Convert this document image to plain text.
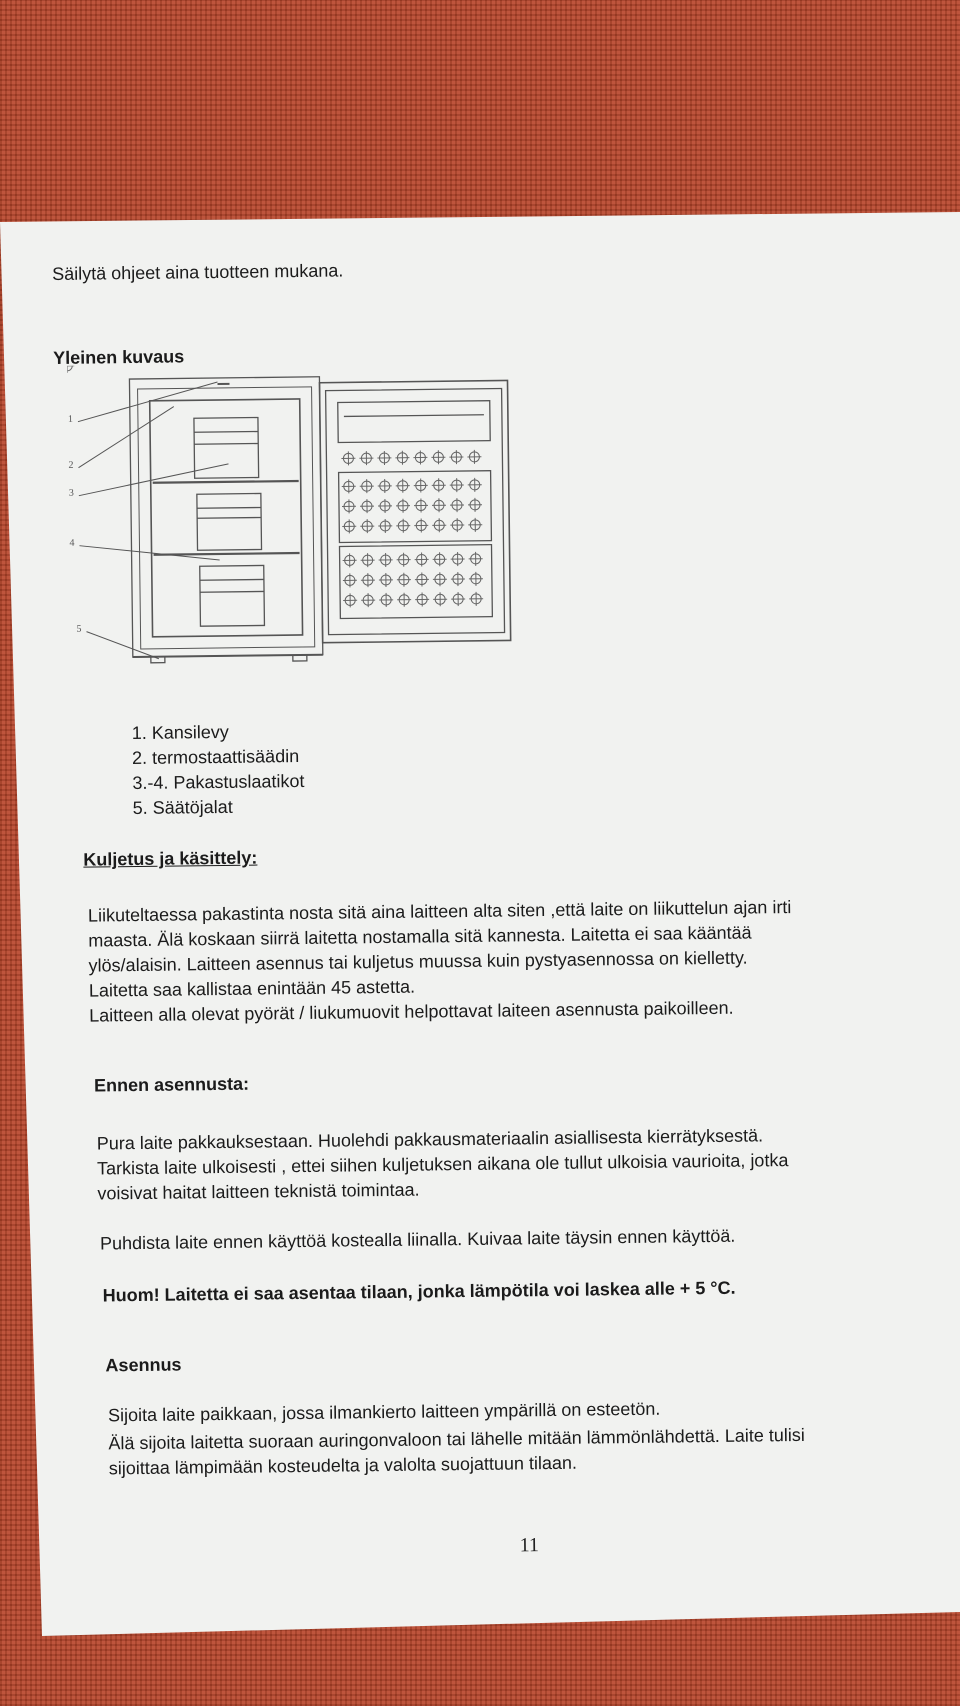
Säilytä ohjeet aina tuotteen mukana.

Yleinen kuvaus

1
2
3
4
5

1. Kansilevy

2. termostaattisäädin

3.-4. Pakastuslaatikot

5. Säätöjalat

Kuljetus ja käsittely:

Liikuteltaessa pakastinta nosta sitä aina laitteen alta siten ,että laite on liikuttelun ajan irti

maasta. Älä koskaan siirrä laitetta nostamalla sitä kannesta. Laitetta ei saa kääntää

ylös/alaisin. Laitteen asennus tai kuljetus muussa kuin pystyasennossa on kielletty.

Laitetta saa kallistaa enintään 45 astetta.

Laitteen alla olevat pyörät / liukumuovit helpottavat laiteen asennusta paikoilleen.

Ennen asennusta:

Pura laite pakkauksestaan. Huolehdi pakkausmateriaalin asiallisesta kierrätyksestä.

Tarkista laite ulkoisesti , ettei siihen kuljetuksen aikana ole tullut ulkoisia vaurioita, jotka

voisivat haitat laitteen teknistä toimintaa.

Puhdista laite ennen käyttöä kostealla liinalla. Kuivaa laite täysin ennen käyttöä.

Huom! Laitetta ei saa asentaa tilaan, jonka lämpötila voi laskea alle + 5 °C.

Asennus

Sijoita laite paikkaan, jossa ilmankierto laitteen ympärillä on esteetön.

Älä sijoita laitetta suoraan auringonvaloon tai lähelle mitään lämmönlähdettä. Laite tulisi

sijoittaa lämpimään kosteudelta ja valolta suojattuun tilaan.

11
